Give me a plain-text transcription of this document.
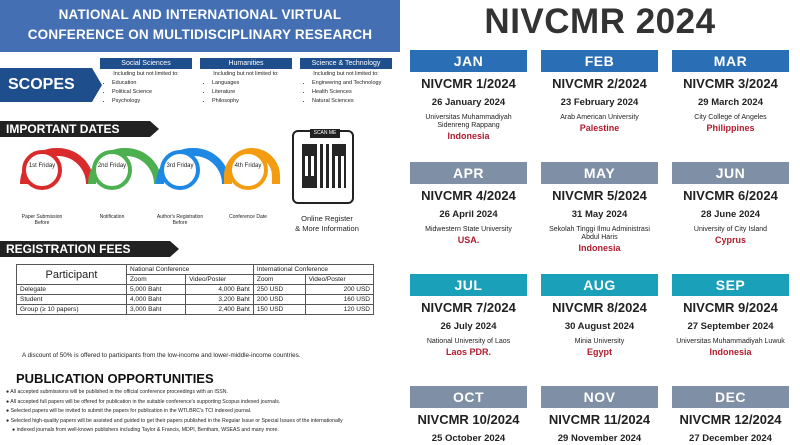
NATIONAL AND INTERNATIONAL VIRTUAL
CONFERENCE ON MULTIDISCIPLINARY RESEARCH
SCOPES
Social Sciences
Including but not limited to:
• Education
• Political Science
• Psychology
Humanities
Including but not limited to:
• Languages
• Literature
• Philosophy
Science & Technology
Including but not limited to:
• Engineering and Technology
• Health Sciences
• Natural Sciences
IMPORTANT DATES
1st Friday	2nd Friday	3rd Friday	4th Friday
Paper Submission Before
Notification	Author's Registration Before
Conference Date
SCAN ME
Online Register
& More Information
REGISTRATION FEES
Participant	National Conference		International Conference	
	Zoom	Video/Poster	Zoom	Video/Poster
Delegate	5,000 Baht	4,000 Baht	250 USD	200 USD
Student	4,000 Baht	3,200 Baht	200 USD	160 USD
Group (≥ 10 papers)	3,000 Baht	2,400 Baht	150 USD	120 USD
A discount of 50% is offered to participants from the low-income and lower-middle-income countries.
PUBLICATION OPPORTUNITIES
● All accepted submissions will be published in the official conference proceedings with an ISSN.
● All accepted full papers will be offered for publication in the suitable conference's supporting Scopus indexed journals.
● Selected papers will be invited to submit the papers for publication in the WTLBRC's TCI indexed journal.
● Selected high-quality papers will be assisted and guided to get their papers published in the Regular Issue or Special Issues of the internationally
● indexed journals from well-known publishers including Taylor & Francis, MDPI, Bentham, WSEAS and many more.
NIVCMR 2024
JAN
NIVCMR 1/2024
26 January 2024
Universitas Muhammadiyah Sidenreng Rappang
Indonesia
FEB
NIVCMR 2/2024
23 February 2024
Arab American University
Palestine
MAR
NIVCMR 3/2024
29 March 2024
City College of Angeles
Philippines
APR
NIVCMR 4/2024
26 April 2024
Midwestern State University
USA.
MAY
NIVCMR 5/2024
31 May 2024
Sekolah Tinggi Ilmu Administrasi Abdul Haris
Indonesia
JUN
NIVCMR 6/2024
28 June 2024
University of City Island
Cyprus
JUL
NIVCMR 7/2024
26 July 2024
National University of Laos
Laos PDR.
AUG
NIVCMR 8/2024
30 August 2024
Minia University
Egypt
SEP
NIVCMR 9/2024
27 September 2024
Universitas Muhammadiyah Luwuk
Indonesia
OCT
NIVCMR 10/2024
25 October 2024
NOV
NIVCMR 11/2024
29 November 2024
DEC
NIVCMR 12/2024
27 December 2024
